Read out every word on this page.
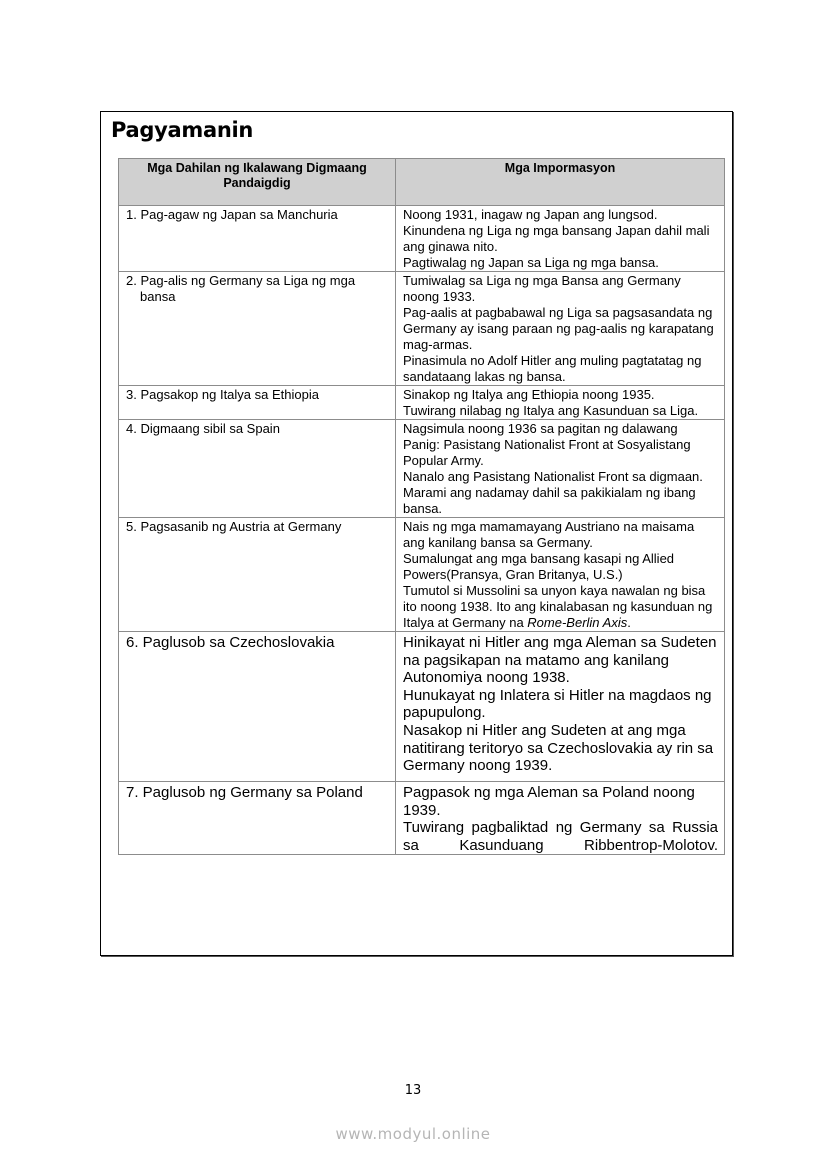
Pagyamanin
Mga Dahilan ng Ikalawang Digmaang Pandaigdig	Mga Impormasyon

1. Pag-agaw ng Japan sa Manchuria	Noong 1931, inagaw ng Japan ang lungsod.

Kinundena ng Liga ng mga bansang Japan dahil mali ang ginawa nito.

Pagtiwalag ng Japan sa Liga ng mga bansa.

2. Pag-alis ng Germany sa Liga ng mga bansa	Tumiwalag sa Liga ng mga Bansa ang Germany noong 1933.

Pag-aalis at pagbabawal ng Liga sa pagsasandata ng Germany ay isang paraan ng pag-aalis ng karapatang mag-armas.

Pinasimula no Adolf Hitler ang muling pagtatatag ng sandataang lakas ng bansa.

3. Pagsakop ng Italya sa Ethiopia	Sinakop ng Italya ang Ethiopia noong 1935.

Tuwirang nilabag ng Italya ang Kasunduan sa Liga.

4. Digmaang sibil sa Spain	Nagsimula noong 1936 sa pagitan ng dalawang Panig: Pasistang Nationalist Front at Sosyalistang Popular Army.

Nanalo ang Pasistang Nationalist Front sa digmaan.

Marami ang nadamay dahil sa pakikialam ng ibang bansa.

5. Pagsasanib ng Austria at Germany	Nais ng mga mamamayang Austriano na maisama ang kanilang bansa sa Germany.

Sumalungat ang mga bansang kasapi ng Allied Powers(Pransya, Gran Britanya, U.S.)

Tumutol si Mussolini sa unyon kaya nawalan ng bisa ito noong 1938. Ito ang kinalabasan ng kasunduan ng Italya at Germany na Rome-Berlin Axis.

6. Paglusob sa Czechoslovakia	Hinikayat ni Hitler ang mga Aleman sa Sudeten na pagsikapan na matamo ang kanilang Autonomiya noong 1938.

Hunukayat ng Inlatera si Hitler na magdaos ng papupulong.

Nasakop ni Hitler ang Sudeten at ang mga natitirang teritoryo sa Czechoslovakia ay rin sa Germany noong 1939.

7. Paglusob ng Germany sa Poland	Pagpasok ng mga Aleman sa Poland noong 1939.

Tuwirang pagbaliktad ng Germany sa Russia sa Kasunduang Ribbentrop-Molotov.

13
www.modyul.online
